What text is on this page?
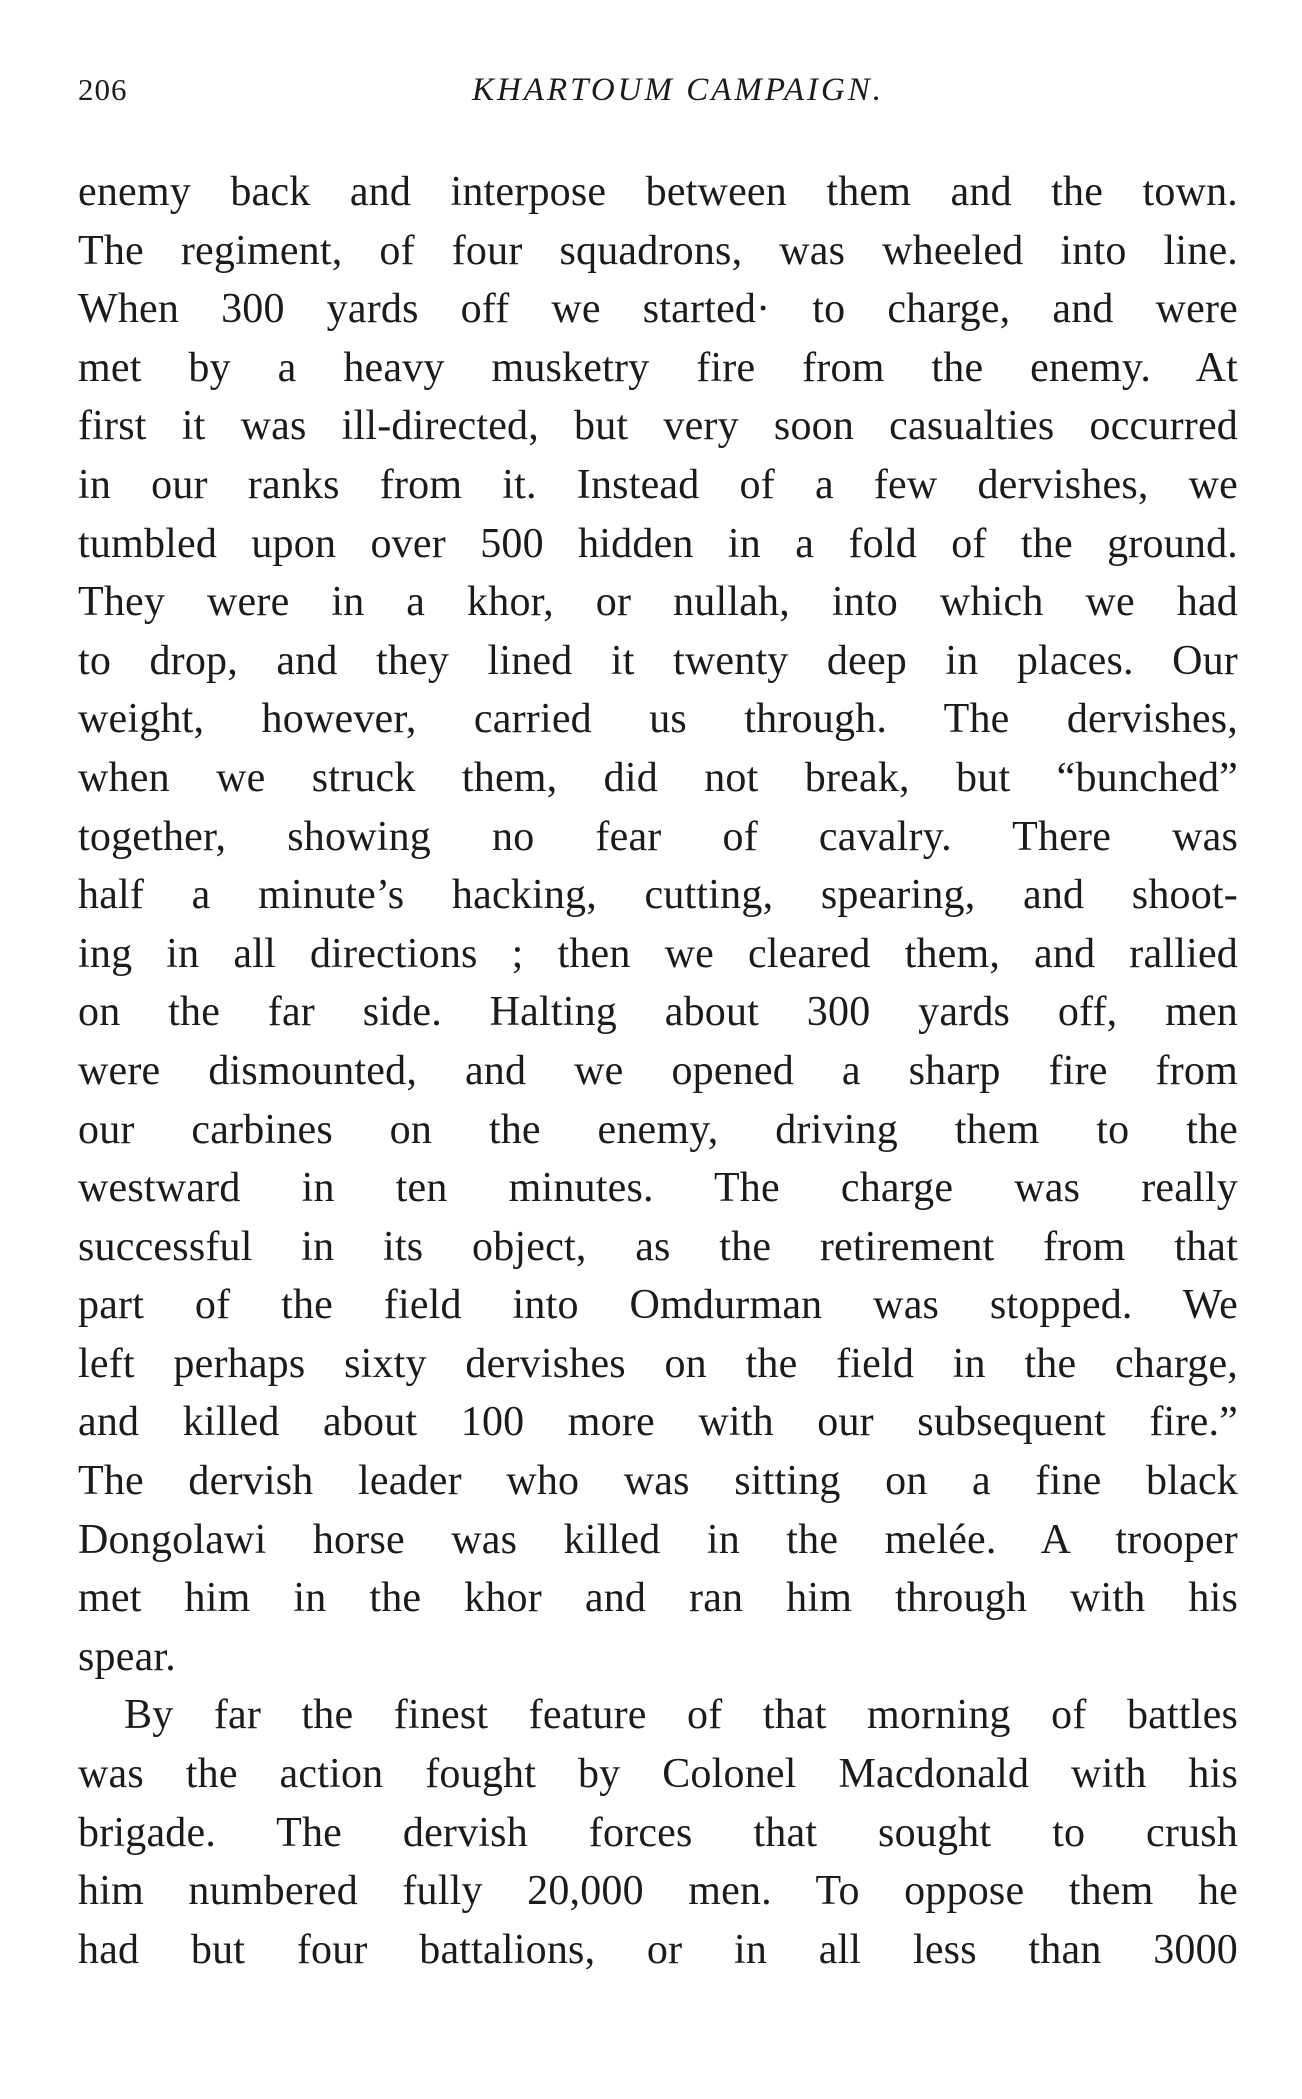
206	KHARTOUM CAMPAIGN.
enemy back and interpose between them and the town.
The regiment, of four squadrons, was wheeled into line.
When 300 yards off we started· to charge, and were
met by a heavy musketry fire from the enemy. At
first it was ill-directed, but very soon casualties occurred
in our ranks from it. Instead of a few dervishes, we
tumbled upon over 500 hidden in a fold of the ground.
They were in a khor, or nullah, into which we had
to drop, and they lined it twenty deep in places. Our
weight, however, carried us through. The dervishes,
when we struck them, did not break, but “bunched”
together, showing no fear of cavalry. There was
half a minute’s hacking, cutting, spearing, and shoot-
ing in all directions ; then we cleared them, and rallied
on the far side. Halting about 300 yards off, men
were dismounted, and we opened a sharp fire from
our carbines on the enemy, driving them to the
westward in ten minutes. The charge was really
successful in its object, as the retirement from that
part of the field into Omdurman was stopped. We
left perhaps sixty dervishes on the field in the charge,
and killed about 100 more with our subsequent fire.”
The dervish leader who was sitting on a fine black
Dongolawi horse was killed in the melée. A trooper
met him in the khor and ran him through with his
spear.
By far the finest feature of that morning of battles
was the action fought by Colonel Macdonald with his
brigade. The dervish forces that sought to crush
him numbered fully 20,000 men. To oppose them he
had but four battalions, or in all less than 3000
